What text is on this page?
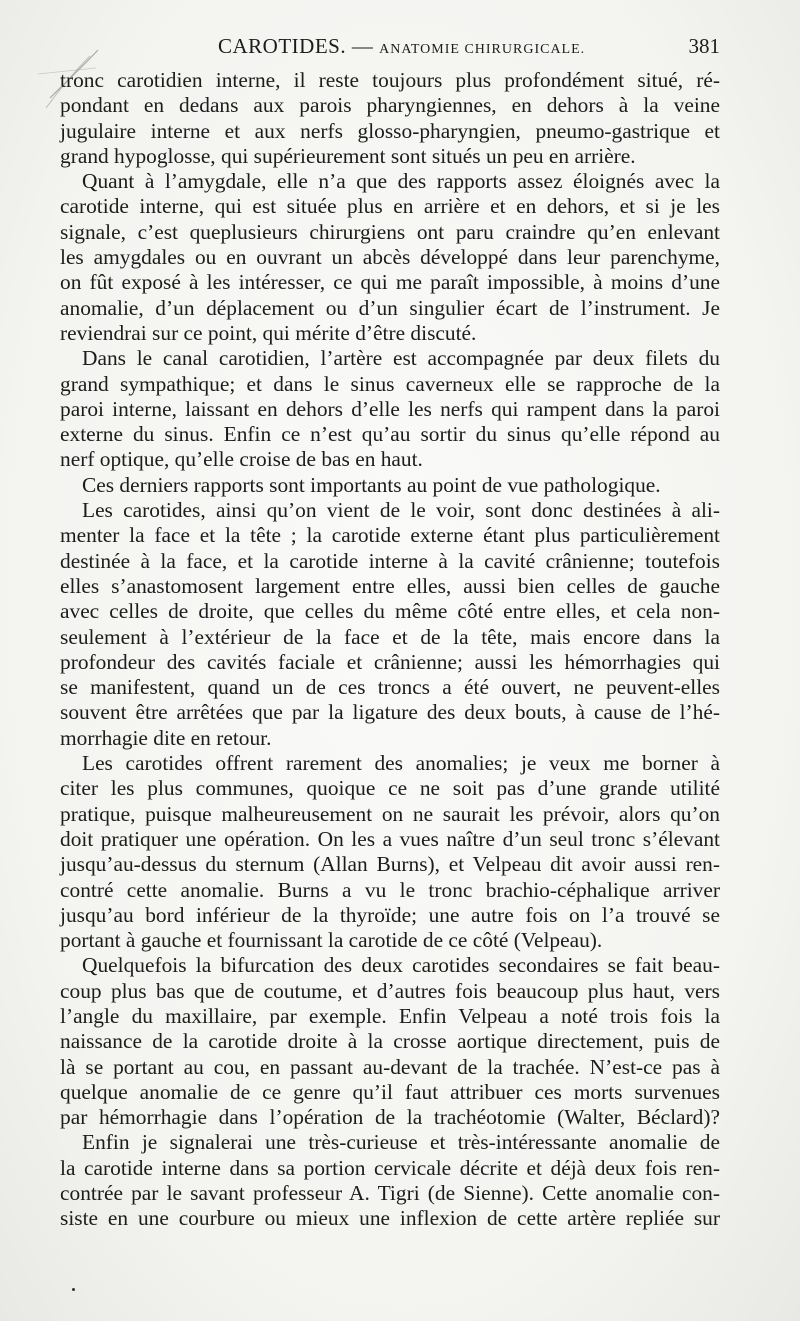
CAROTIDES. — ANATOMIE CHIRURGICALE.	381
tronc carotidien interne, il reste toujours plus profondément situé, ré-
pondant en dedans aux parois pharyngiennes, en dehors à la veine
jugulaire interne et aux nerfs glosso-pharyngien, pneumo-gastrique et
grand hypoglosse, qui supérieurement sont situés un peu en arrière.
Quant à l’amygdale, elle n’a que des rapports assez éloignés avec la
carotide interne, qui est située plus en arrière et en dehors, et si je les
signale, c’est queplusieurs chirurgiens ont paru craindre qu’en enlevant
les amygdales ou en ouvrant un abcès développé dans leur parenchyme,
on fût exposé à les intéresser, ce qui me paraît impossible, à moins d’une
anomalie, d’un déplacement ou d’un singulier écart de l’instrument. Je
reviendrai sur ce point, qui mérite d’être discuté.
Dans le canal carotidien, l’artère est accompagnée par deux filets du
grand sympathique; et dans le sinus caverneux elle se rapproche de la
paroi interne, laissant en dehors d’elle les nerfs qui rampent dans la paroi
externe du sinus. Enfin ce n’est qu’au sortir du sinus qu’elle répond au
nerf optique, qu’elle croise de bas en haut.
Ces derniers rapports sont importants au point de vue pathologique.
Les carotides, ainsi qu’on vient de le voir, sont donc destinées à ali-
menter la face et la tête ; la carotide externe étant plus particulièrement
destinée à la face, et la carotide interne à la cavité crânienne; toutefois
elles s’anastomosent largement entre elles, aussi bien celles de gauche
avec celles de droite, que celles du même côté entre elles, et cela non-
seulement à l’extérieur de la face et de la tête, mais encore dans la
profondeur des cavités faciale et crânienne; aussi les hémorrhagies qui
se manifestent, quand un de ces troncs a été ouvert, ne peuvent-elles
souvent être arrêtées que par la ligature des deux bouts, à cause de l’hé-
morrhagie dite en retour.
Les carotides offrent rarement des anomalies; je veux me borner à
citer les plus communes, quoique ce ne soit pas d’une grande utilité
pratique, puisque malheureusement on ne saurait les prévoir, alors qu’on
doit pratiquer une opération. On les a vues naître d’un seul tronc s’élevant
jusqu’au-dessus du sternum (Allan Burns), et Velpeau dit avoir aussi ren-
contré cette anomalie. Burns a vu le tronc brachio-céphalique arriver
jusqu’au bord inférieur de la thyroïde; une autre fois on l’a trouvé se
portant à gauche et fournissant la carotide de ce côté (Velpeau).
Quelquefois la bifurcation des deux carotides secondaires se fait beau-
coup plus bas que de coutume, et d’autres fois beaucoup plus haut, vers
l’angle du maxillaire, par exemple. Enfin Velpeau a noté trois fois la
naissance de la carotide droite à la crosse aortique directement, puis de
là se portant au cou, en passant au-devant de la trachée. N’est-ce pas à
quelque anomalie de ce genre qu’il faut attribuer ces morts survenues
par hémorrhagie dans l’opération de la trachéotomie (Walter, Béclard)?
Enfin je signalerai une très-curieuse et très-intéressante anomalie de
la carotide interne dans sa portion cervicale décrite et déjà deux fois ren-
contrée par le savant professeur A. Tigri (de Sienne). Cette anomalie con-
siste en une courbure ou mieux une inflexion de cette artère repliée sur
